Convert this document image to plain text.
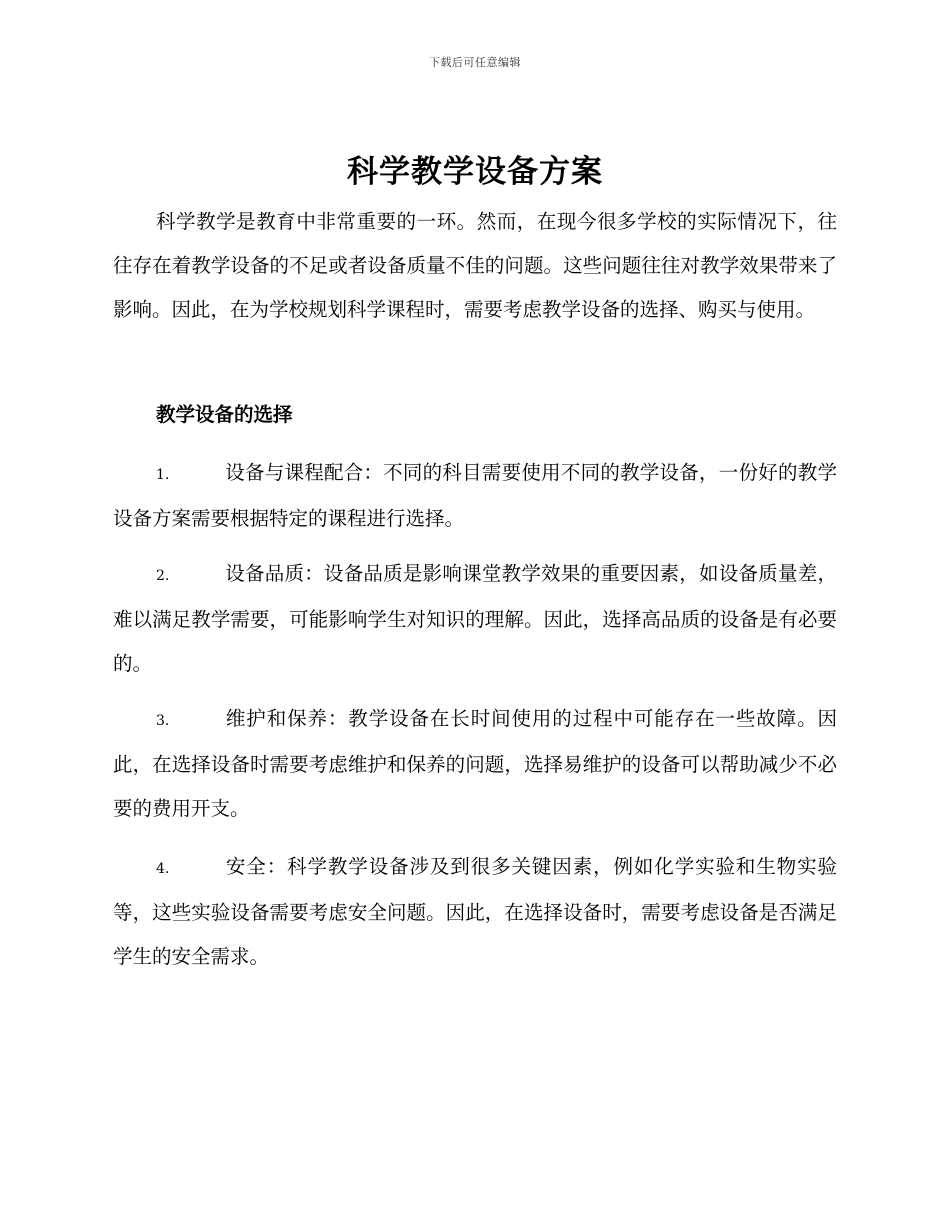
下载后可任意编辑
科学教学设备方案

科学教学是教育中非常重要的一环。然而，在现今很多学校的实际情况下，往往存在着教学设备的不足或者设备质量不佳的问题。这些问题往往对教学效果带来了影响。因此，在为学校规划科学课程时，需要考虑教学设备的选择、购买与使用。

教学设备的选择

1.	设备与课程配合：不同的科目需要使用不同的教学设备，一份好的教学设备方案需要根据特定的课程进行选择。

2.	设备品质：设备品质是影响课堂教学效果的重要因素，如设备质量差，难以满足教学需要，可能影响学生对知识的理解。因此，选择高品质的设备是有必要的。

3.	维护和保养：教学设备在长时间使用的过程中可能存在一些故障。因此，在选择设备时需要考虑维护和保养的问题，选择易维护的设备可以帮助减少不必要的费用开支。

4.	安全：科学教学设备涉及到很多关键因素，例如化学实验和生物实验等，这些实验设备需要考虑安全问题。因此，在选择设备时，需要考虑设备是否满足学生的安全需求。
